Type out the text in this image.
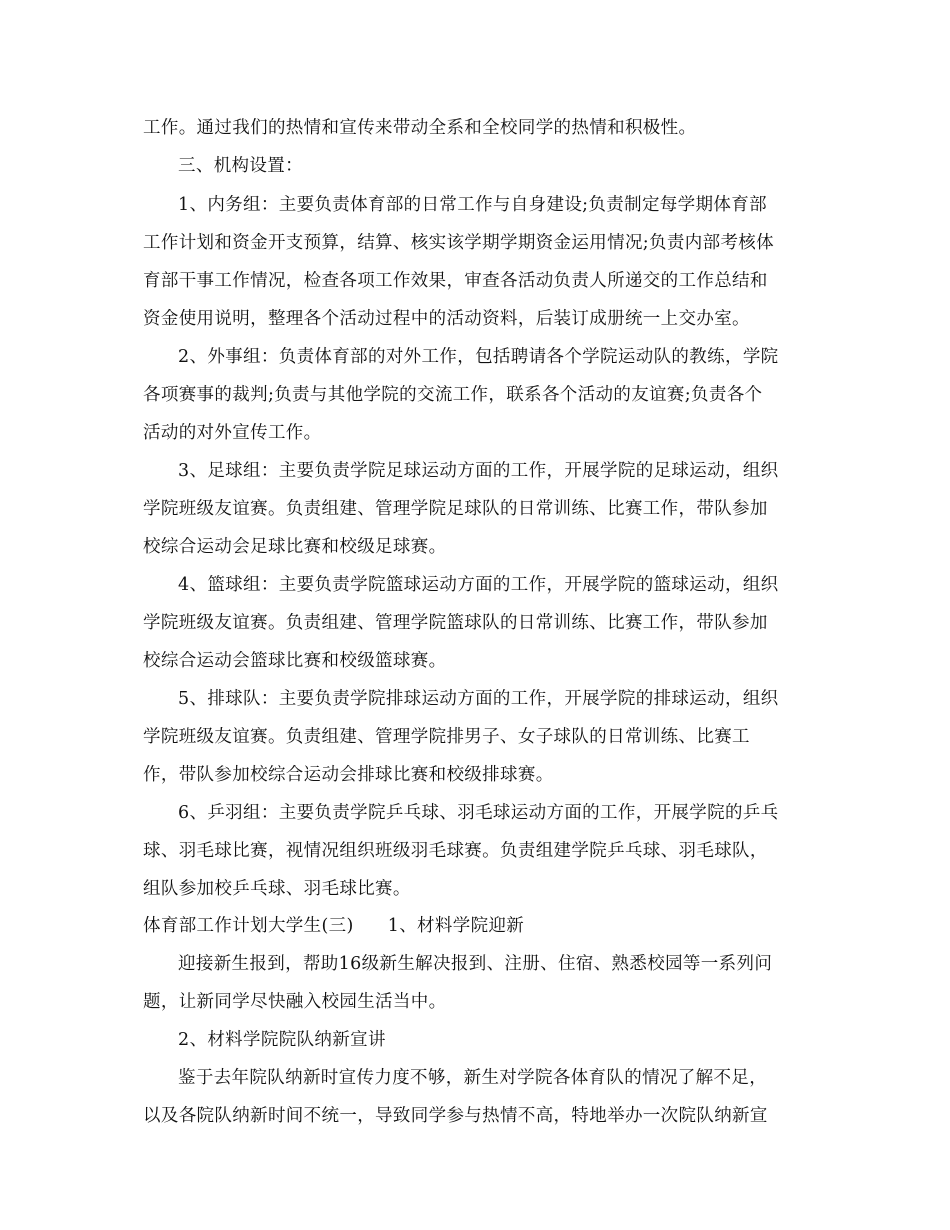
工作。通过我们的热情和宣传来带动全系和全校同学的热情和积极性。
三、机构设置：
1、内务组：主要负责体育部的日常工作与自身建设;负责制定每学期体育部
工作计划和资金开支预算，结算、核实该学期学期资金运用情况;负责内部考核体
育部干事工作情况，检查各项工作效果，审查各活动负责人所递交的工作总结和
资金使用说明，整理各个活动过程中的活动资料，后装订成册统一上交办室。
2、外事组：负责体育部的对外工作，包括聘请各个学院运动队的教练，学院
各项赛事的裁判;负责与其他学院的交流工作，联系各个活动的友谊赛;负责各个
活动的对外宣传工作。
3、足球组：主要负责学院足球运动方面的工作，开展学院的足球运动，组织
学院班级友谊赛。负责组建、管理学院足球队的日常训练、比赛工作，带队参加
校综合运动会足球比赛和校级足球赛。
4、篮球组：主要负责学院篮球运动方面的工作，开展学院的篮球运动，组织
学院班级友谊赛。负责组建、管理学院篮球队的日常训练、比赛工作，带队参加
校综合运动会篮球比赛和校级篮球赛。
5、排球队：主要负责学院排球运动方面的工作，开展学院的排球运动，组织
学院班级友谊赛。负责组建、管理学院排男子、女子球队的日常训练、比赛工
作，带队参加校综合运动会排球比赛和校级排球赛。
6、乒羽组：主要负责学院乒乓球、羽毛球运动方面的工作，开展学院的乒乓
球、羽毛球比赛，视情况组织班级羽毛球赛。负责组建学院乒乓球、羽毛球队，
组队参加校乒乓球、羽毛球比赛。
体育部工作计划大学生(三) 1、材料学院迎新
迎接新生报到，帮助16级新生解决报到、注册、住宿、熟悉校园等一系列问
题，让新同学尽快融入校园生活当中。
2、材料学院院队纳新宣讲
鉴于去年院队纳新时宣传力度不够，新生对学院各体育队的情况了解不足，
以及各院队纳新时间不统一，导致同学参与热情不高，特地举办一次院队纳新宣
